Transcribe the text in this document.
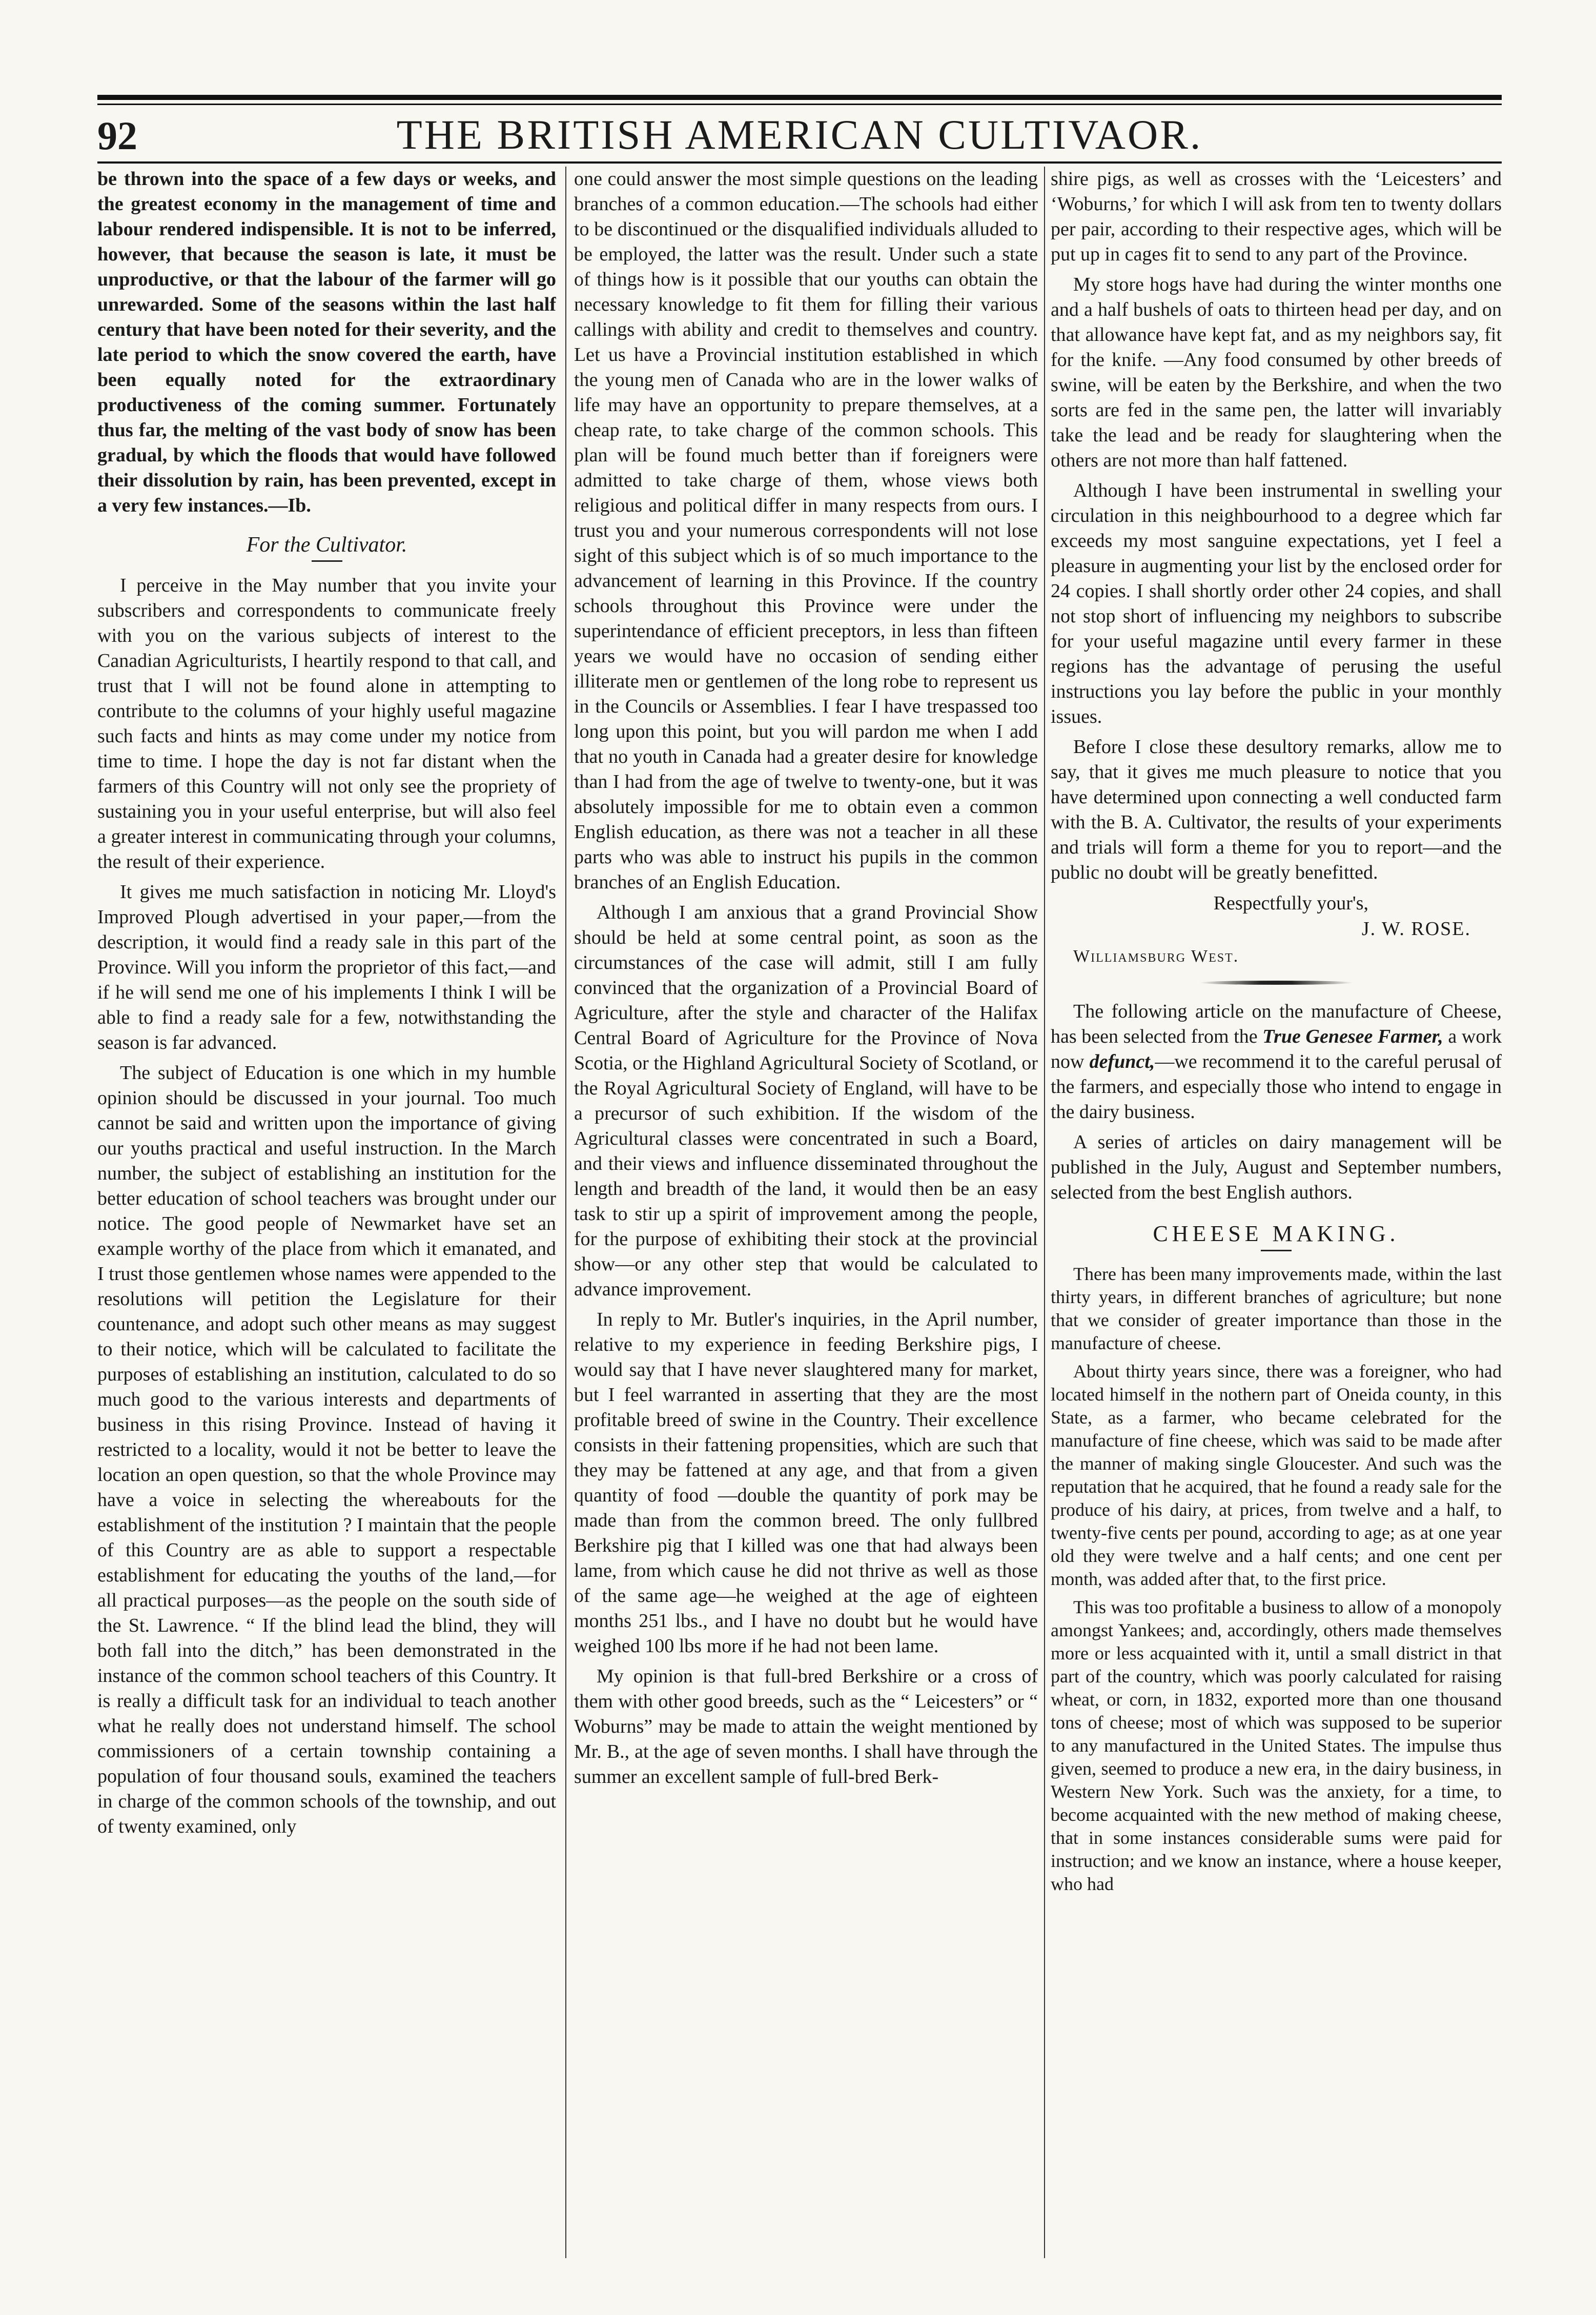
92	THE BRITISH AMERICAN CULTIVAOR.

be thrown into the space of a few days or weeks, and the greatest economy in the management of time and labour rendered indispensible. It is not to be inferred, however, that because the season is late, it must be unproductive, or that the labour of the farmer will go unrewarded. Some of the seasons within the last half century that have been noted for their severity, and the late period to which the snow covered the earth, have been equally noted for the extraordinary productiveness of the coming summer. Fortunately thus far, the melting of the vast body of snow has been gradual, by which the floods that would have followed their dissolution by rain, has been prevented, except in a very few instances.—Ib.

For the Cultivator.

I perceive in the May number that you invite your subscribers and correspondents to communicate freely with you on the various subjects of interest to the Canadian Agriculturists, I heartily respond to that call, and trust that I will not be found alone in attempting to contribute to the columns of your highly useful magazine such facts and hints as may come under my notice from time to time. I hope the day is not far distant when the farmers of this Country will not only see the propriety of sustaining you in your useful enterprise, but will also feel a greater interest in communicating through your columns, the result of their experience.

It gives me much satisfaction in noticing Mr. Lloyd's Improved Plough advertised in your paper,—from the description, it would find a ready sale in this part of the Province. Will you inform the proprietor of this fact,—and if he will send me one of his implements I think I will be able to find a ready sale for a few, notwithstanding the season is far advanced.

The subject of Education is one which in my humble opinion should be discussed in your journal. Too much cannot be said and written upon the importance of giving our youths practical and useful instruction. In the March number, the subject of establishing an institution for the better education of school teachers was brought under our notice. The good people of Newmarket have set an example worthy of the place from which it emanated, and I trust those gentlemen whose names were appended to the resolutions will petition the Legislature for their countenance, and adopt such other means as may suggest to their notice, which will be calculated to facilitate the purposes of establishing an institution, calculated to do so much good to the various interests and departments of business in this rising Province. Instead of having it restricted to a locality, would it not be better to leave the location an open question, so that the whole Province may have a voice in selecting the whereabouts for the establishment of the institution ? I maintain that the people of this Country are as able to support a respectable establishment for educating the youths of the land,—for all practical purposes—as the people on the south side of the St. Lawrence. “ If the blind lead the blind, they will both fall into the ditch,” has been demonstrated in the instance of the common school teachers of this Country. It is really a difficult task for an individual to teach another what he really does not understand himself. The school commissioners of a certain township containing a population of four thousand souls, examined the teachers in charge of the common schools of the township, and out of twenty examined, only

one could answer the most simple questions on the leading branches of a common education.—The schools had either to be discontinued or the disqualified individuals alluded to be employed, the latter was the result. Under such a state of things how is it possible that our youths can obtain the necessary knowledge to fit them for filling their various callings with ability and credit to themselves and country. Let us have a Provincial institution established in which the young men of Canada who are in the lower walks of life may have an opportunity to prepare themselves, at a cheap rate, to take charge of the common schools. This plan will be found much better than if foreigners were admitted to take charge of them, whose views both religious and political differ in many respects from ours. I trust you and your numerous correspondents will not lose sight of this subject which is of so much importance to the advancement of learning in this Province. If the country schools throughout this Province were under the superintendance of efficient preceptors, in less than fifteen years we would have no occasion of sending either illiterate men or gentlemen of the long robe to represent us in the Councils or Assemblies. I fear I have trespassed too long upon this point, but you will pardon me when I add that no youth in Canada had a greater desire for knowledge than I had from the age of twelve to twenty-one, but it was absolutely impossible for me to obtain even a common English education, as there was not a teacher in all these parts who was able to instruct his pupils in the common branches of an English Education.

Although I am anxious that a grand Provincial Show should be held at some central point, as soon as the circumstances of the case will admit, still I am fully convinced that the organization of a Provincial Board of Agriculture, after the style and character of the Halifax Central Board of Agriculture for the Province of Nova Scotia, or the Highland Agricultural Society of Scotland, or the Royal Agricultural Society of England, will have to be a precursor of such exhibition. If the wisdom of the Agricultural classes were concentrated in such a Board, and their views and influence disseminated throughout the length and breadth of the land, it would then be an easy task to stir up a spirit of improvement among the people, for the purpose of exhibiting their stock at the provincial show—or any other step that would be calculated to advance improvement.

In reply to Mr. Butler's inquiries, in the April number, relative to my experience in feeding Berkshire pigs, I would say that I have never slaughtered many for market, but I feel warranted in asserting that they are the most profitable breed of swine in the Country. Their excellence consists in their fattening propensities, which are such that they may be fattened at any age, and that from a given quantity of food —double the quantity of pork may be made than from the common breed. The only fullbred Berkshire pig that I killed was one that had always been lame, from which cause he did not thrive as well as those of the same age—he weighed at the age of eighteen months 251 lbs., and I have no doubt but he would have weighed 100 lbs more if he had not been lame.

My opinion is that full-bred Berkshire or a cross of them with other good breeds, such as the “ Leicesters” or “ Woburns” may be made to attain the weight mentioned by Mr. B., at the age of seven months. I shall have through the summer an excellent sample of full-bred Berk-

shire pigs, as well as crosses with the ‘Leicesters’ and ‘Woburns,’ for which I will ask from ten to twenty dollars per pair, according to their respective ages, which will be put up in cages fit to send to any part of the Province.

My store hogs have had during the winter months one and a half bushels of oats to thirteen head per day, and on that allowance have kept fat, and as my neighbors say, fit for the knife. —Any food consumed by other breeds of swine, will be eaten by the Berkshire, and when the two sorts are fed in the same pen, the latter will invariably take the lead and be ready for slaughtering when the others are not more than half fattened.

Although I have been instrumental in swelling your circulation in this neighbourhood to a degree which far exceeds my most sanguine expectations, yet I feel a pleasure in augmenting your list by the enclosed order for 24 copies. I shall shortly order other 24 copies, and shall not stop short of influencing my neighbors to subscribe for your useful magazine until every farmer in these regions has the advantage of perusing the useful instructions you lay before the public in your monthly issues.

Before I close these desultory remarks, allow me to say, that it gives me much pleasure to notice that you have determined upon connecting a well conducted farm with the B. A. Cultivator, the results of your experiments and trials will form a theme for you to report—and the public no doubt will be greatly benefitted.

Respectfully your's,

J. W. ROSE.

Williamsburg West.

The following article on the manufacture of Cheese, has been selected from the True Genesee Farmer, a work now defunct,—we recommend it to the careful perusal of the farmers, and especially those who intend to engage in the dairy business.

A series of articles on dairy management will be published in the July, August and September numbers, selected from the best English authors.

CHEESE MAKING.

There has been many improvements made, within the last thirty years, in different branches of agriculture; but none that we consider of greater importance than those in the manufacture of cheese.

About thirty years since, there was a foreigner, who had located himself in the nothern part of Oneida county, in this State, as a farmer, who became celebrated for the manufacture of fine cheese, which was said to be made after the manner of making single Gloucester. And such was the reputation that he acquired, that he found a ready sale for the produce of his dairy, at prices, from twelve and a half, to twenty-five cents per pound, according to age; as at one year old they were twelve and a half cents; and one cent per month, was added after that, to the first price.

This was too profitable a business to allow of a monopoly amongst Yankees; and, accordingly, others made themselves more or less acquainted with it, until a small district in that part of the country, which was poorly calculated for raising wheat, or corn, in 1832, exported more than one thousand tons of cheese; most of which was supposed to be superior to any manufactured in the United States. The impulse thus given, seemed to produce a new era, in the dairy business, in Western New York. Such was the anxiety, for a time, to become acquainted with the new method of making cheese, that in some instances considerable sums were paid for instruction; and we know an instance, where a house keeper, who had
